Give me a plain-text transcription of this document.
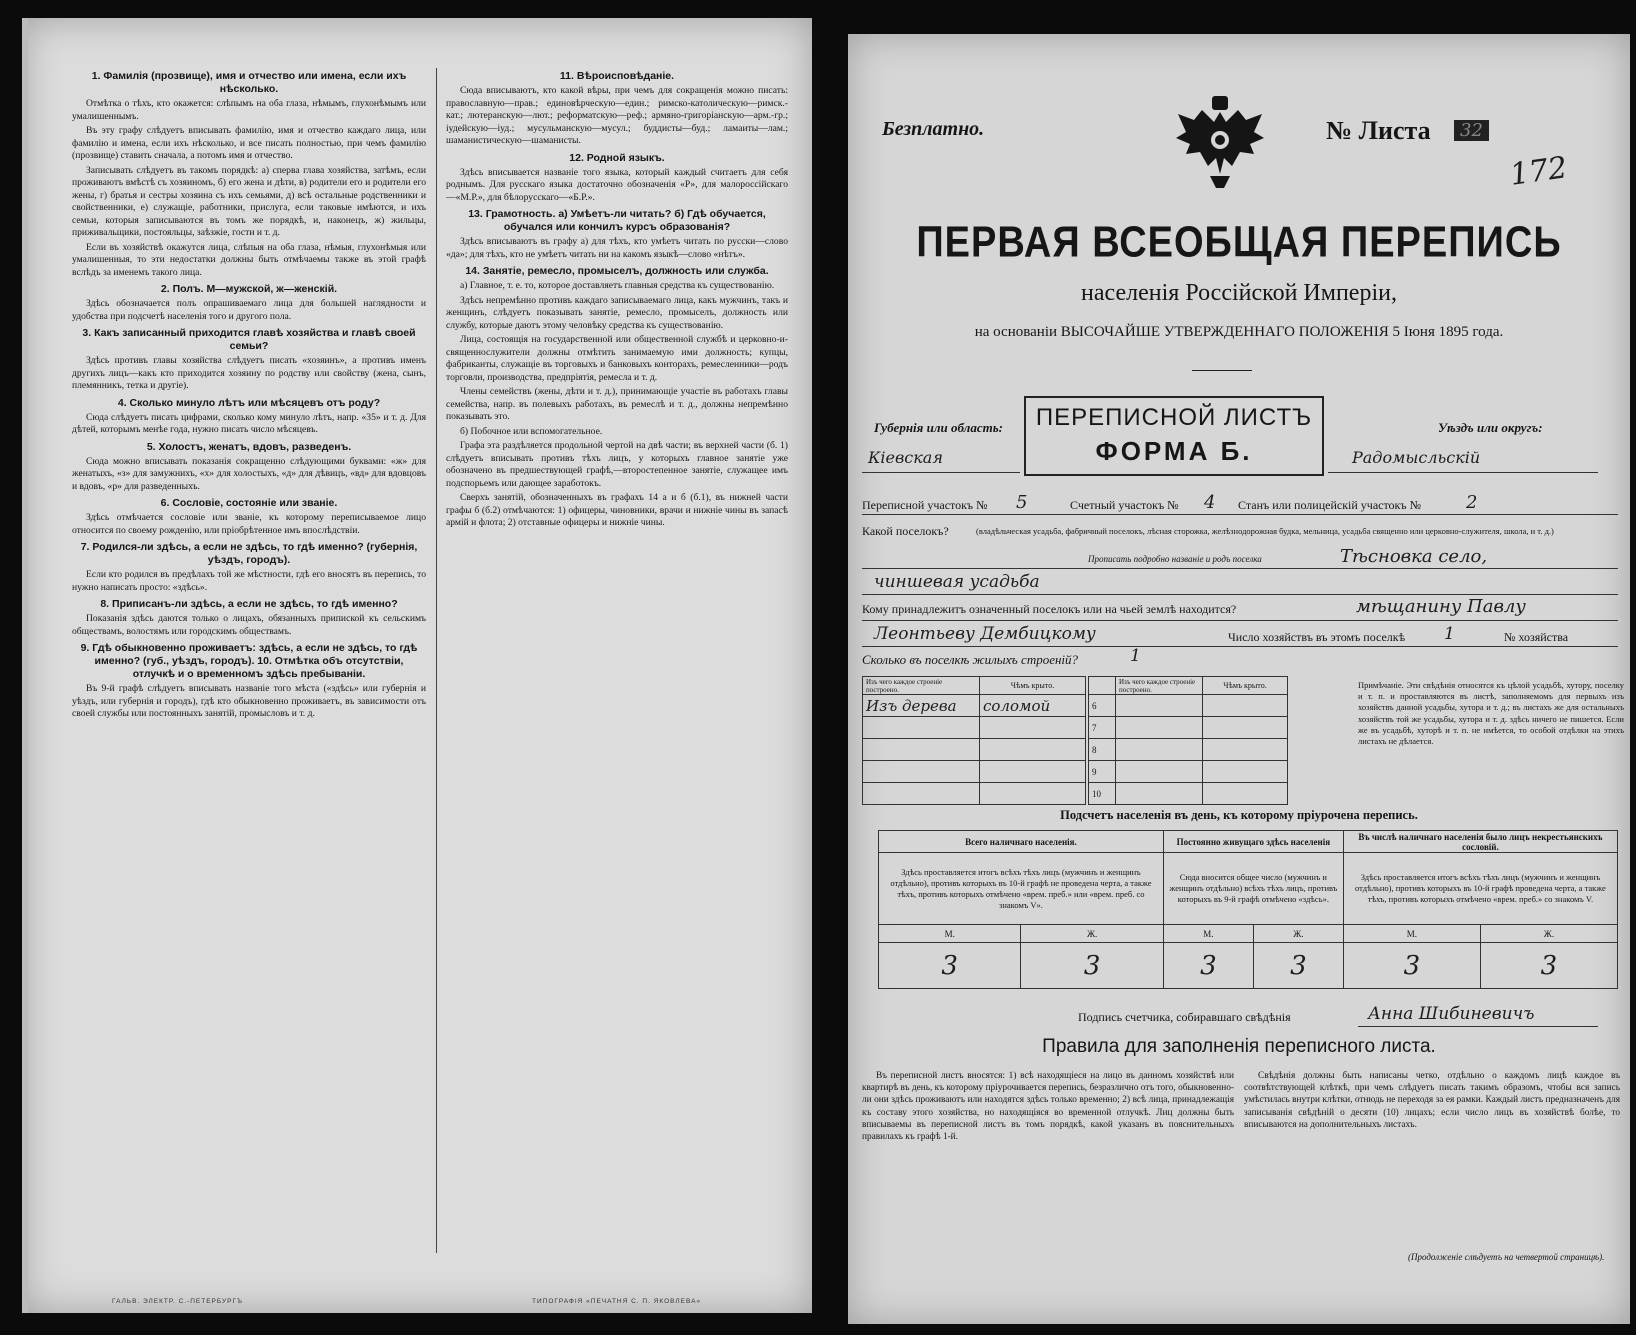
1. Фамилія (прозвище), имя и отчество или имена, если ихъ нѣсколько.
Отмѣтка о тѣхъ, кто окажется: слѣпымъ на оба глаза, нѣмымъ, глухонѣмымъ или умалишеннымъ.
Въ эту графу слѣдуетъ вписывать фамилію, имя и отчество каждаго лица, или фамилію и имена, если ихъ нѣсколько, и все писать полностью, при чемъ фамилію (прозвище) ставить сначала, а потомъ имя и отчество.
Записывать слѣдуетъ въ такомъ порядкѣ: а) сперва глава хозяйства, затѣмъ, если проживаютъ вмѣстѣ съ хозяиномъ, б) его жена и дѣти, в) родители его и родители его жены, г) братья и сестры хозяина съ ихъ семьями, д) всѣ остальные родственники и свойственники, е) служащіе, работники, прислуга, если таковые имѣются, и ихъ семьи, которыя записываются въ томъ же порядкѣ, и, наконецъ, ж) жильцы, приживальщики, постояльцы, заѣзжіе, гости и т. д.
Если въ хозяйствѣ окажутся лица, слѣпыя на оба глаза, нѣмыя, глухонѣмыя или умалишенныя, то эти недостатки должны быть отмѣчаемы также въ этой графѣ вслѣдъ за именемъ такого лица.
2. Полъ. М—мужской, ж—женскій.
Здѣсь обозначается полъ опрашиваемаго лица для большей наглядности и удобства при подсчетѣ населенія того и другого пола.
3. Какъ записанный приходится главѣ хозяйства и главѣ своей семьи?
Здѣсь противъ главы хозяйства слѣдуетъ писать «хозяинъ», а противъ именъ другихъ лицъ—какъ кто приходится хозяину по родству или свойству (жена, сынъ, племянникъ, тетка и другіе).
4. Сколько минуло лѣтъ или мѣсяцевъ отъ роду?
Сюда слѣдуетъ писать цифрами, сколько кому минуло лѣтъ, напр. «35» и т. д. Для дѣтей, которымъ менѣе года, нужно писать число мѣсяцевъ.
5. Холостъ, женатъ, вдовъ, разведенъ.
Сюда можно вписывать показанія сокращенно слѣдующими буквами: «ж» для женатыхъ, «з» для замужнихъ, «х» для холостыхъ, «д» для дѣвицъ, «вд» для вдовцовъ и вдовъ, «р» для разведенныхъ.
6. Сословіе, состояніе или званіе.
Здѣсь отмѣчается сословіе или званіе, къ которому переписываемое лицо относится по своему рожденію, или пріобрѣтенное имъ впослѣдствіи.
7. Родился-ли здѣсь, а если не здѣсь, то гдѣ именно? (губернія, уѣздъ, городъ).
Если кто родился въ предѣлахъ той же мѣстности, гдѣ его вносятъ въ перепись, то нужно написать просто: «здѣсь».
8. Приписанъ-ли здѣсь, а если не здѣсь, то гдѣ именно?
Показанія здѣсь даются только о лицахъ, обязанныхъ припиской къ сельскимъ обществамъ, волостямъ или городскимъ обществамъ.
9. Гдѣ обыкновенно проживаетъ: здѣсь, а если не здѣсь, то гдѣ именно? (губ., уѣздъ, городъ). 10. Отмѣтка объ отсутствіи, отлучкѣ и о временномъ здѣсь пребываніи.
Въ 9-й графѣ слѣдуетъ вписывать названіе того мѣста («здѣсь» или губернія и уѣздъ, или губернія и городъ), гдѣ кто обыкновенно проживаетъ, въ зависимости отъ своей службы или постоянныхъ занятій, промысловъ и т. д.
11. Вѣроисповѣданіе.
Сюда вписываютъ, кто какой вѣры, при чемъ для сокращенія можно писать: православную—прав.; единовѣрческую—един.; римско-католическую—римск.-кат.; лютеранскую—лют.; реформатскую—реф.; армяно-григоріанскую—арм.-гр.; іудейскую—іуд.; мусульманскую—мусул.; буддисты—буд.; ламаиты—лам.; шаманистическую—шаманисты.
12. Родной языкъ.
Здѣсь вписывается названіе того языка, который каждый считаетъ для себя роднымъ. Для русскаго языка достаточно обозначенія «Р», для малороссійскаго—«М.Р.», для бѣлорусскаго—«Б.Р.».
13. Грамотность. а) Умѣетъ-ли читать? б) Гдѣ обучается, обучался или кончилъ курсъ образованія?
Здѣсь вписываютъ въ графу а) для тѣхъ, кто умѣетъ читать по русски—слово «да»; для тѣхъ, кто не умѣетъ читать ни на какомъ языкѣ—слово «нѣтъ».
14. Занятіе, ремесло, промыселъ, должность или служба.
а) Главное, т. е. то, которое доставляетъ главныя средства къ существованію.
Здѣсь непремѣнно противъ каждаго записываемаго лица, какъ мужчинъ, такъ и женщинъ, слѣдуетъ показывать занятіе, ремесло, промыселъ, должность или службу, которые даютъ этому человѣку средства къ существованію.
Лица, состоящія на государственной или общественной службѣ и церковно-и-священнослужители должны отмѣтить занимаемую ими должность; купцы, фабриканты, служащіе въ торговыхъ и банковыхъ конторахъ, ремесленники—родъ торговли, производства, предпріятія, ремесла и т. д.
Члены семействъ (жены, дѣти и т. д.), принимающіе участіе въ работахъ главы семейства, напр. въ полевыхъ работахъ, въ ремеслѣ и т. д., должны непремѣнно показывать это.
б) Побочное или вспомогательное.
Графа эта раздѣляется продольной чертой на двѣ части; въ верхней части (б. 1) слѣдуетъ вписывать противъ тѣхъ лицъ, у которыхъ главное занятіе уже обозначено въ предшествующей графѣ,—второстепенное занятіе, служащее имъ подспорьемъ или дающее заработокъ.
Сверхъ занятій, обозначенныхъ въ графахъ 14 а и б (б.1), въ нижней части графы б (б.2) отмѣчаются: 1) офицеры, чиновники, врачи и нижніе чины въ запасѣ армій и флота; 2) отставные офицеры и нижніе чины.
ГАЛЬВ. ЭЛЕКТР. С.-ПЕТЕРБУРГЪ	ТИПОГРАФІЯ «ПЕЧАТНЯ С. П. ЯКОВЛЕВА»
Безплатно.	№ Листа	32
172
ПЕРВАЯ ВСЕОБЩАЯ ПЕРЕПИСЬ
населенія Россійской Имперіи,
на основаніи ВЫСОЧАЙШЕ УТВЕРЖДЕННАГО ПОЛОЖЕНІЯ 5 Іюня 1895 года.
Губернія или область:
Кіевская
ПЕРЕПИСНОЙ ЛИСТЪ
ФОРМА Б.
Уѣздъ или округъ:
Радомысльскій
Переписной участокъ № 5	Счетный участокъ № 4 Станъ или полицейскій участокъ № 2
Какой поселокъ?	(владѣльческая усадьба, фабричный поселокъ, лѣсная сторожка, желѣзнодорожная будка, мельница, усадьба священно или церковно-служителя, школа, и т. д.)
Прописать подробно названіе и родъ поселка	Тѣсновка село,
чиншевая усадьба
Кому принадлежитъ означенный поселокъ или на чьей землѣ находится?	мѣщанину Павлу
Леонтьеву Дембицкому	Число хозяйствъ въ этомъ поселкѣ 1	№ хозяйства
Сколько въ поселкѣ жилыхъ строеній?	1
Изъ чего каждое строеніе построено.	Чѣмъ крыто.
Изъ дерева	соломой

	Изъ чего каждое строеніе построено.	Чѣмъ крыто.
6		
7		
8		
9		
10		
Примѣчаніе. Эти свѣдѣнія относятся къ цѣлой усадьбѣ, хутору, поселку и т. п. и проставляются въ листѣ, заполняемомъ для первыхъ изъ хозяйствъ данной усадьбы, хутора и т. д.; въ листахъ же для остальныхъ хозяйствъ той же усадьбы, хутора и т. д. здѣсь ничего не пишется. Если же въ усадьбѣ, хуторѣ и т. п. не имѣется, то особой отдѣлки на этихъ листахъ не дѣлается.
Подсчетъ населенія въ день, къ которому пріурочена перепись.
Всего наличнаго населенія.		Постоянно живущаго здѣсь населенія		Въ числѣ наличнаго населенія было лицъ некрестьянскихъ сословій.	
Здѣсь проставляется итогъ всѣхъ тѣхъ лицъ (мужчинъ и женщинъ отдѣльно), противъ которыхъ въ 10-й графѣ не проведена черта, а также тѣхъ, противъ которыхъ отмѣчено «врем. преб.» или «врем. преб. со знакомъ V».		Сюда вносится общее число (мужчинъ и женщинъ отдѣльно) всѣхъ тѣхъ лицъ, противъ которыхъ въ 9-й графѣ отмѣчено «здѣсь».		Здѣсь проставляется итогъ всѣхъ тѣхъ лицъ (мужчинъ и женщинъ отдѣльно), противъ которыхъ въ 10-й графѣ проведена черта, а также тѣхъ, противъ которыхъ отмѣчено «врем. преб.» со знакомъ V.	
М.	Ж.	М.	Ж.	М.	Ж.
3	3	3	3	3	3
Подпись счетчика, собиравшаго свѣдѣнія	Анна Шибиневичъ
Правила для заполненія переписного листа.
Въ переписной листъ вносятся: 1) всѣ находящіеся на лицо въ данномъ хозяйствѣ или квартирѣ въ день, къ которому пріурочивается перепись, безразлично отъ того, обыкновенно-ли они здѣсь проживаютъ или находятся здѣсь только временно; 2) всѣ лица, принадлежащія къ составу этого хозяйства, но находящіяся во временной отлучкѣ. Лиц должны быть вписываемы въ переписной листъ въ томъ порядкѣ, какой указанъ въ пояснительныхъ правилахъ къ графѣ 1-й.
Свѣдѣнія должны быть написаны четко, отдѣльно о каждомъ лицѣ каждое въ соотвѣтствующей клѣткѣ, при чемъ слѣдуетъ писать такимъ образомъ, чтобы вся запись умѣстилась внутри клѣтки, отнюдь не переходя за ея рамки. Каждый листъ предназначенъ для записыванія свѣдѣній о десяти (10) лицахъ; если число лицъ въ хозяйствѣ болѣе, то вписываются на дополнительныхъ листахъ.
(Продолженіе слѣдуетъ на четвертой страницѣ).
